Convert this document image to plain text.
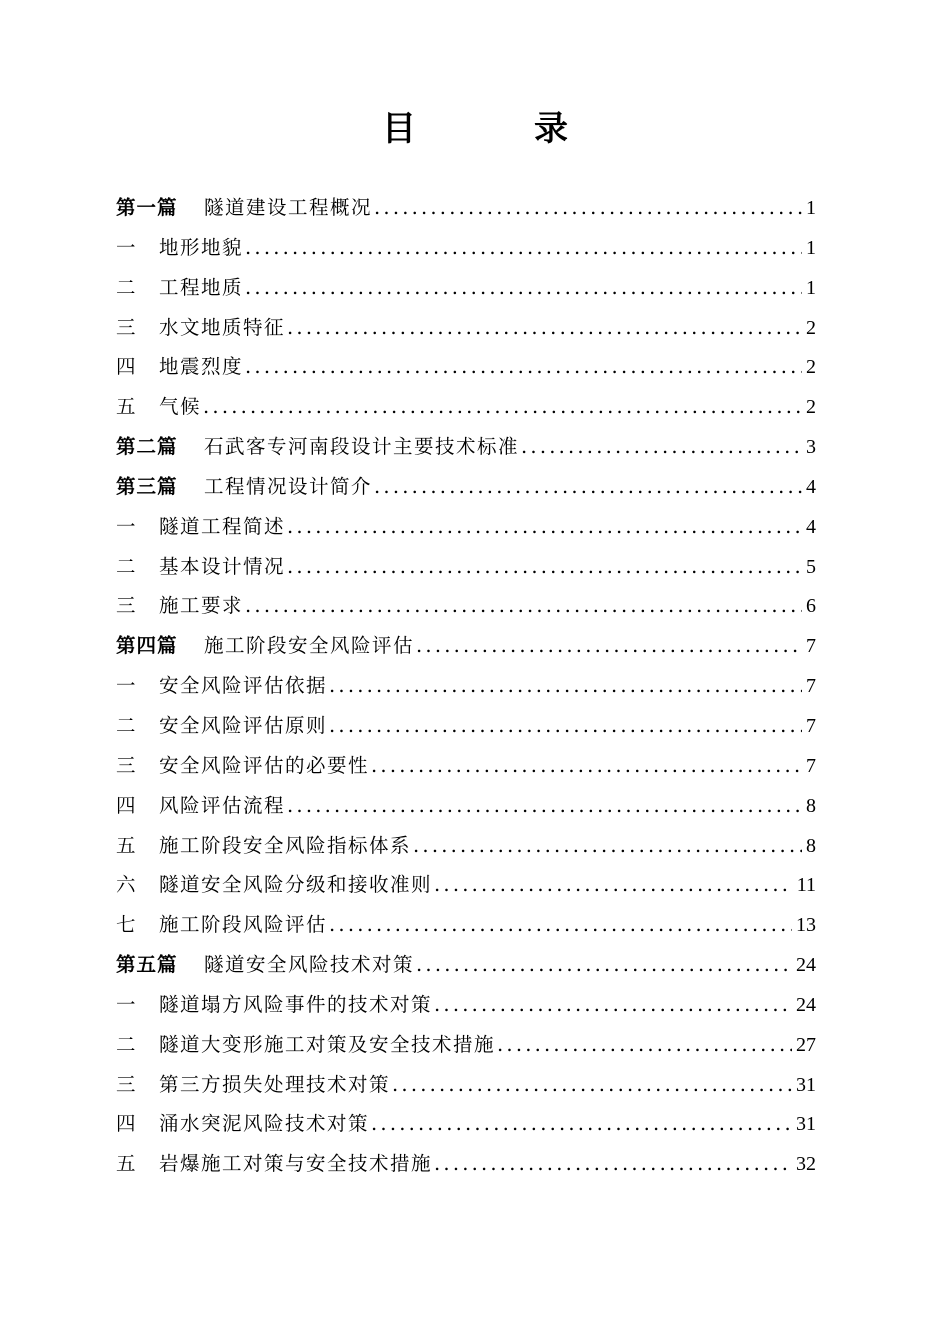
目　录
第一篇	隧道建设工程概况 .....	1
一	地形地貌 .....	1
二	工程地质 .....	1
三	水文地质特征 .....	2
四	地震烈度 .....	2
五	气候 .....	2
第二篇	石武客专河南段设计主要技术标准 .....	3
第三篇	工程情况设计简介 .....	4
一	隧道工程简述 .....	4
二	基本设计情况 .....	5
三	施工要求 .....	6
第四篇	施工阶段安全风险评估 .....	7
一	安全风险评估依据 .....	7
二	安全风险评估原则 .....	7
三	安全风险评估的必要性 .....	7
四	风险评估流程 .....	8
五	施工阶段安全风险指标体系 .....	8
六	隧道安全风险分级和接收准则 .....	11
七	施工阶段风险评估 .....	13
第五篇	隧道安全风险技术对策 .....	24
一	隧道塌方风险事件的技术对策 .....	24
二	隧道大变形施工对策及安全技术措施 .....	27
三	第三方损失处理技术对策 .....	31
四	涌水突泥风险技术对策 .....	31
五	岩爆施工对策与安全技术措施 .....	32
